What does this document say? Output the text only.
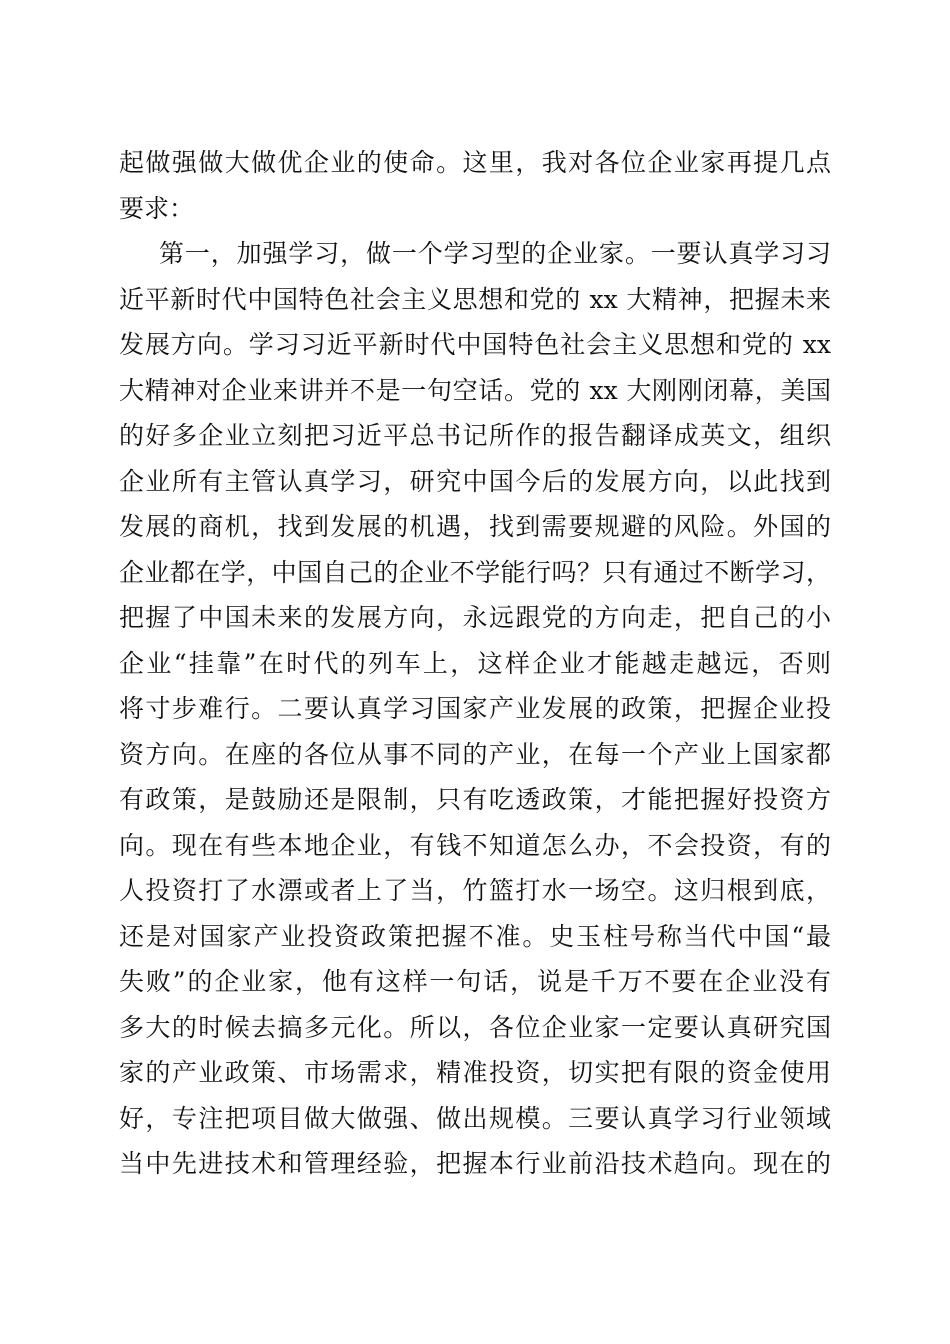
起做强做大做优企业的使命。这里，我对各位企业家再提几点
要求：
第一，加强学习，做一个学习型的企业家。一要认真学习习
近平新时代中国特色社会主义思想和党的 xx 大精神，把握未来
发展方向。学习习近平新时代中国特色社会主义思想和党的 xx
大精神对企业来讲并不是一句空话。党的 xx 大刚刚闭幕，美国
的好多企业立刻把习近平总书记所作的报告翻译成英文，组织
企业所有主管认真学习，研究中国今后的发展方向，以此找到
发展的商机，找到发展的机遇，找到需要规避的风险。外国的
企业都在学，中国自己的企业不学能行吗？只有通过不断学习，
把握了中国未来的发展方向，永远跟党的方向走，把自己的小
企业“挂靠”在时代的列车上，这样企业才能越走越远，否则
将寸步难行。二要认真学习国家产业发展的政策，把握企业投
资方向。在座的各位从事不同的产业，在每一个产业上国家都
有政策，是鼓励还是限制，只有吃透政策，才能把握好投资方
向。现在有些本地企业，有钱不知道怎么办，不会投资，有的
人投资打了水漂或者上了当，竹篮打水一场空。这归根到底，
还是对国家产业投资政策把握不准。史玉柱号称当代中国“最
失败”的企业家，他有这样一句话，说是千万不要在企业没有
多大的时候去搞多元化。所以，各位企业家一定要认真研究国
家的产业政策、市场需求，精准投资，切实把有限的资金使用
好，专注把项目做大做强、做出规模。三要认真学习行业领域
当中先进技术和管理经验，把握本行业前沿技术趋向。现在的
